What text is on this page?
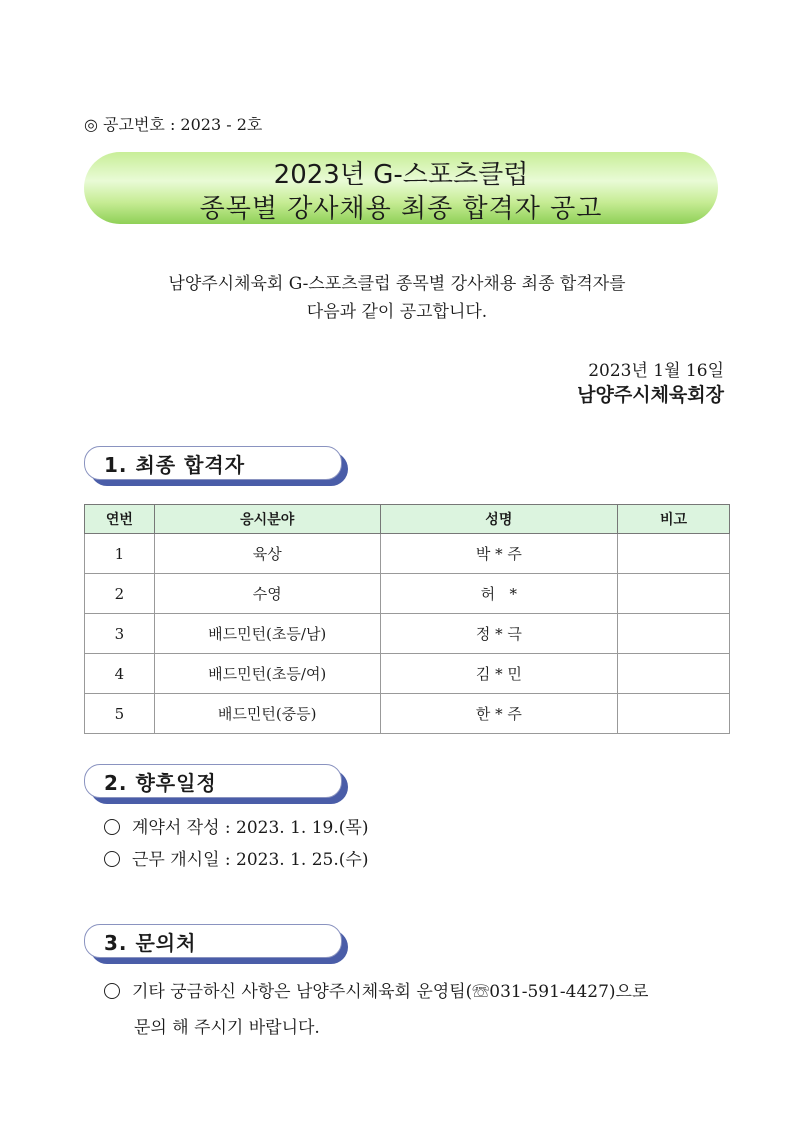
◎ 공고번호 : 2023 - 2호
2023년 G-스포츠클럽
종목별 강사채용 최종 합격자 공고
남양주시체육회 G-스포츠클럽 종목별 강사채용 최종 합격자를
다음과 같이 공고합니다.
2023년 1월 16일
남양주시체육회장
1. 최종 합격자
연번	응시분야	성명	비고
1	육상	박 * 주	
2	수영	허   *	
3	배드민턴(초등/남)	정 * 극	
4	배드민턴(초등/여)	김 * 민	
5	배드민턴(중등)	한 * 주	
2. 향후일정
계약서 작성 : 2023. 1. 19.(목)
근무 개시일 : 2023. 1. 25.(수)
3. 문의처
기타 궁금하신 사항은 남양주시체육회 운영팀(☏031-591-4427)으로
문의 해 주시기 바랍니다.
